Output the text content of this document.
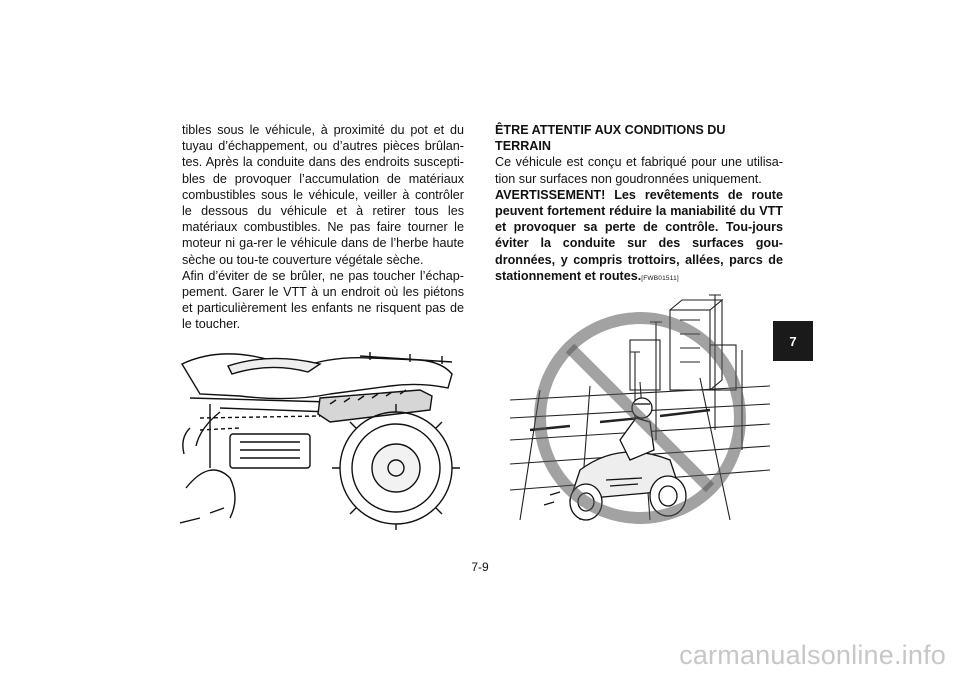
tibles sous le véhicule, à proximité du pot et du tuyau d’échappement, ou d’autres pièces brûlan-tes. Après la conduite dans des endroits suscepti-bles de provoquer l’accumulation de matériaux combustibles sous le véhicule, veiller à contrôler le dessous du véhicule et à retirer tous les matériaux combustibles. Ne pas faire tourner le moteur ni ga-rer le véhicule dans de l’herbe haute sèche ou tou-te couverture végétale sèche.

Afin d’éviter de se brûler, ne pas toucher l’échap-pement. Garer le VTT à un endroit où les piétons et particulièrement les enfants ne risquent pas de le toucher.

ÊTRE ATTENTIF AUX CONDITIONS DU TERRAIN

Ce véhicule est conçu et fabriqué pour une utilisa-tion sur surfaces non goudronnées uniquement.

AVERTISSEMENT! Les revêtements de route peuvent fortement réduire la maniabilité du VTT et provoquer sa perte de contrôle. Tou-jours éviter la conduite sur des surfaces gou-dronnées, y compris trottoirs, allées, parcs de stationnement et routes.[FWB01511]

7
7-9
carmanualsonline.info
